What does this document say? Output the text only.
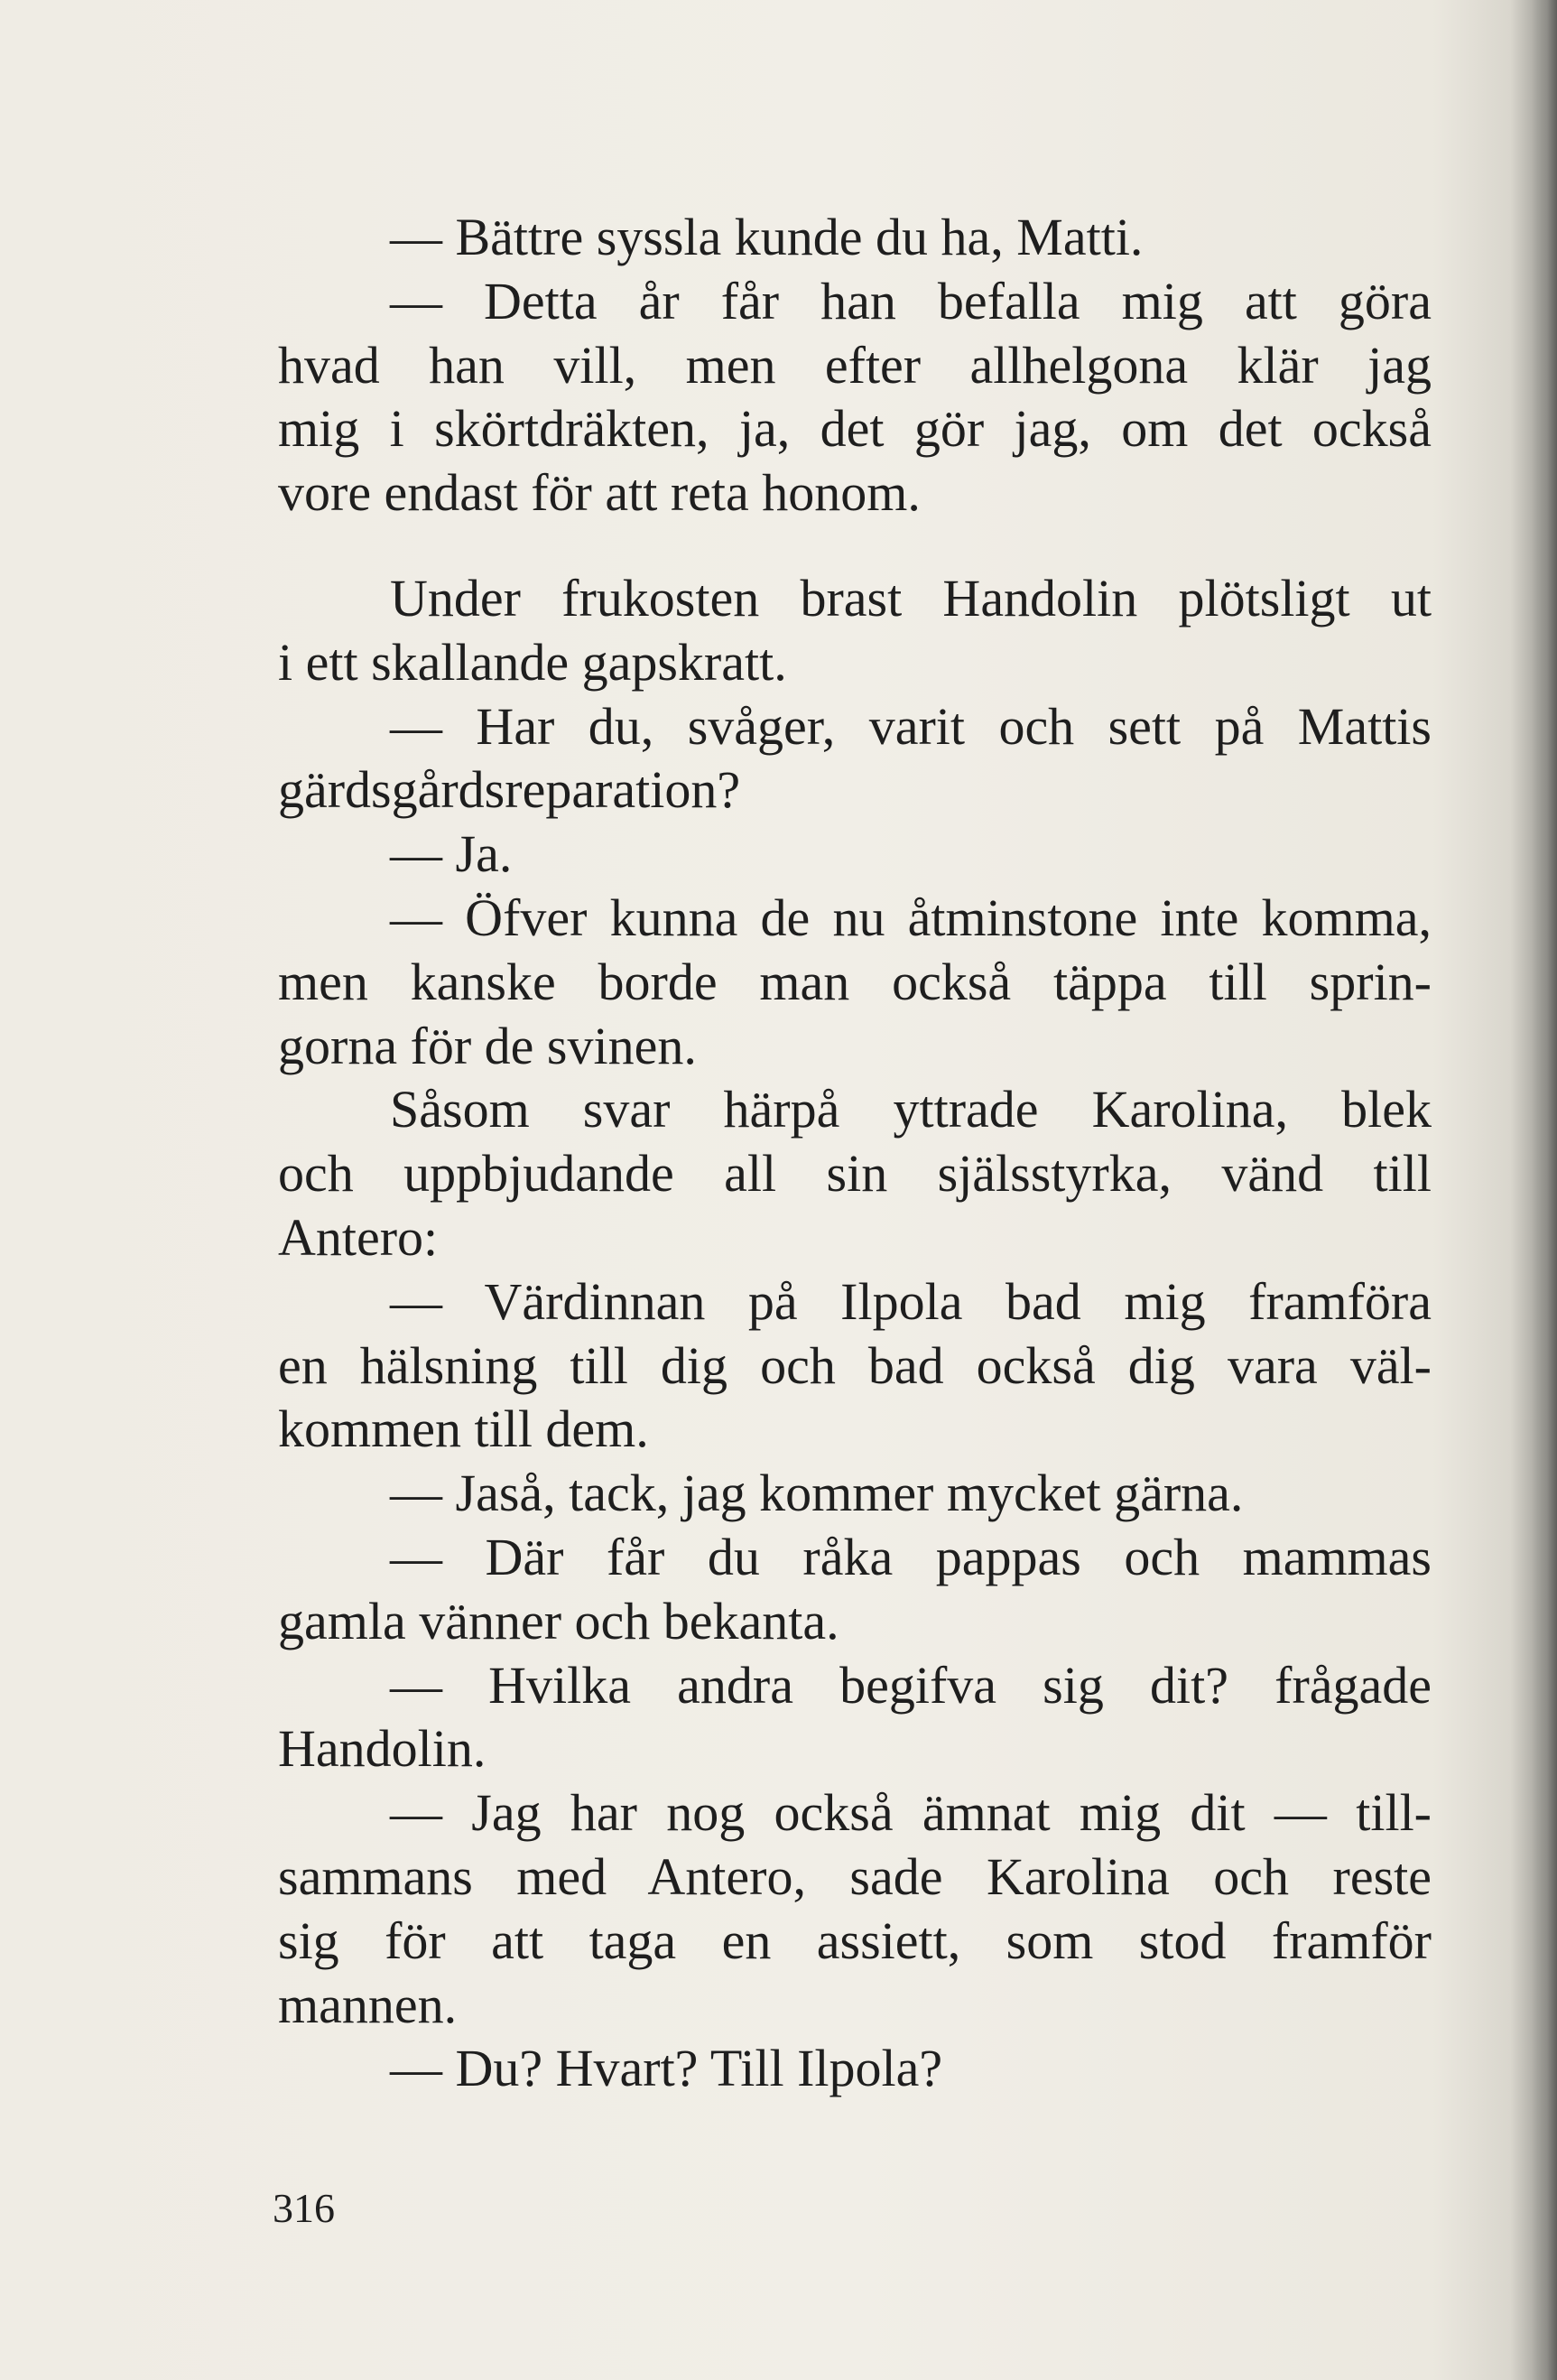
— Bättre syssla kunde du ha, Matti.
— Detta år får han befalla mig att göra
hvad han vill, men efter allhelgona klär jag
mig i skörtdräkten, ja, det gör jag, om det också
vore endast för att reta honom.
Under frukosten brast Handolin plötsligt ut
i ett skallande gapskratt.
— Har du, svåger, varit och sett på Mattis
gärdsgårdsreparation?
— Ja.
— Öfver kunna de nu åtminstone inte komma,
men kanske borde man också täppa till sprin-
gorna för de svinen.
Såsom svar härpå yttrade Karolina, blek
och uppbjudande all sin själsstyrka, vänd till
Antero:
— Värdinnan på Ilpola bad mig framföra
en hälsning till dig och bad också dig vara väl-
kommen till dem.
— Jaså, tack, jag kommer mycket gärna.
— Där får du råka pappas och mammas
gamla vänner och bekanta.
— Hvilka andra begifva sig dit? frågade
Handolin.
— Jag har nog också ämnat mig dit — till-
sammans med Antero, sade Karolina och reste
sig för att taga en assiett, som stod framför
mannen.
— Du? Hvart? Till Ilpola?
316
